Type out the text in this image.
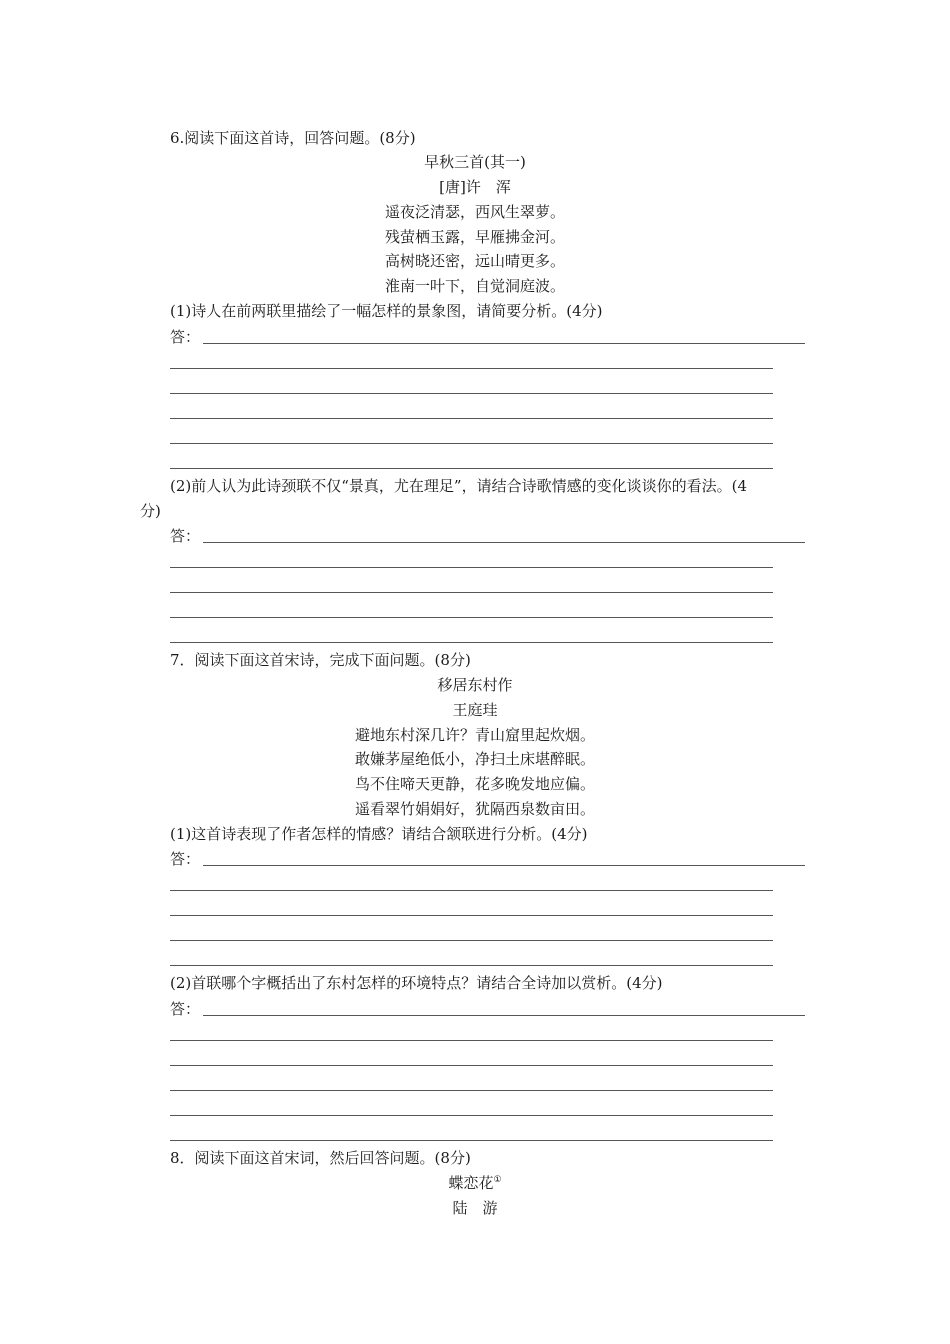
6.阅读下面这首诗，回答问题。(8分)
早秋三首(其一)
[唐]许　浑
遥夜泛清瑟，西风生翠萝。
残萤栖玉露，早雁拂金河。
高树晓还密，远山晴更多。
淮南一叶下，自觉洞庭波。
(1)诗人在前两联里描绘了一幅怎样的景象图，请简要分析。(4分)
答：
(2)前人认为此诗颈联不仅“景真，尤在理足”，请结合诗歌情感的变化谈谈你的看法。(4
分)
答：
7．阅读下面这首宋诗，完成下面问题。(8分)
移居东村作
王庭珪
避地东村深几许？青山窟里起炊烟。
敢嫌茅屋绝低小，净扫土床堪醉眠。
鸟不住啼天更静，花多晚发地应偏。
遥看翠竹娟娟好，犹隔西泉数亩田。
(1)这首诗表现了作者怎样的情感？请结合颔联进行分析。(4分)
答：
(2)首联哪个字概括出了东村怎样的环境特点？请结合全诗加以赏析。(4分)
答：
8．阅读下面这首宋词，然后回答问题。(8分)
蝶恋花①
陆　游
